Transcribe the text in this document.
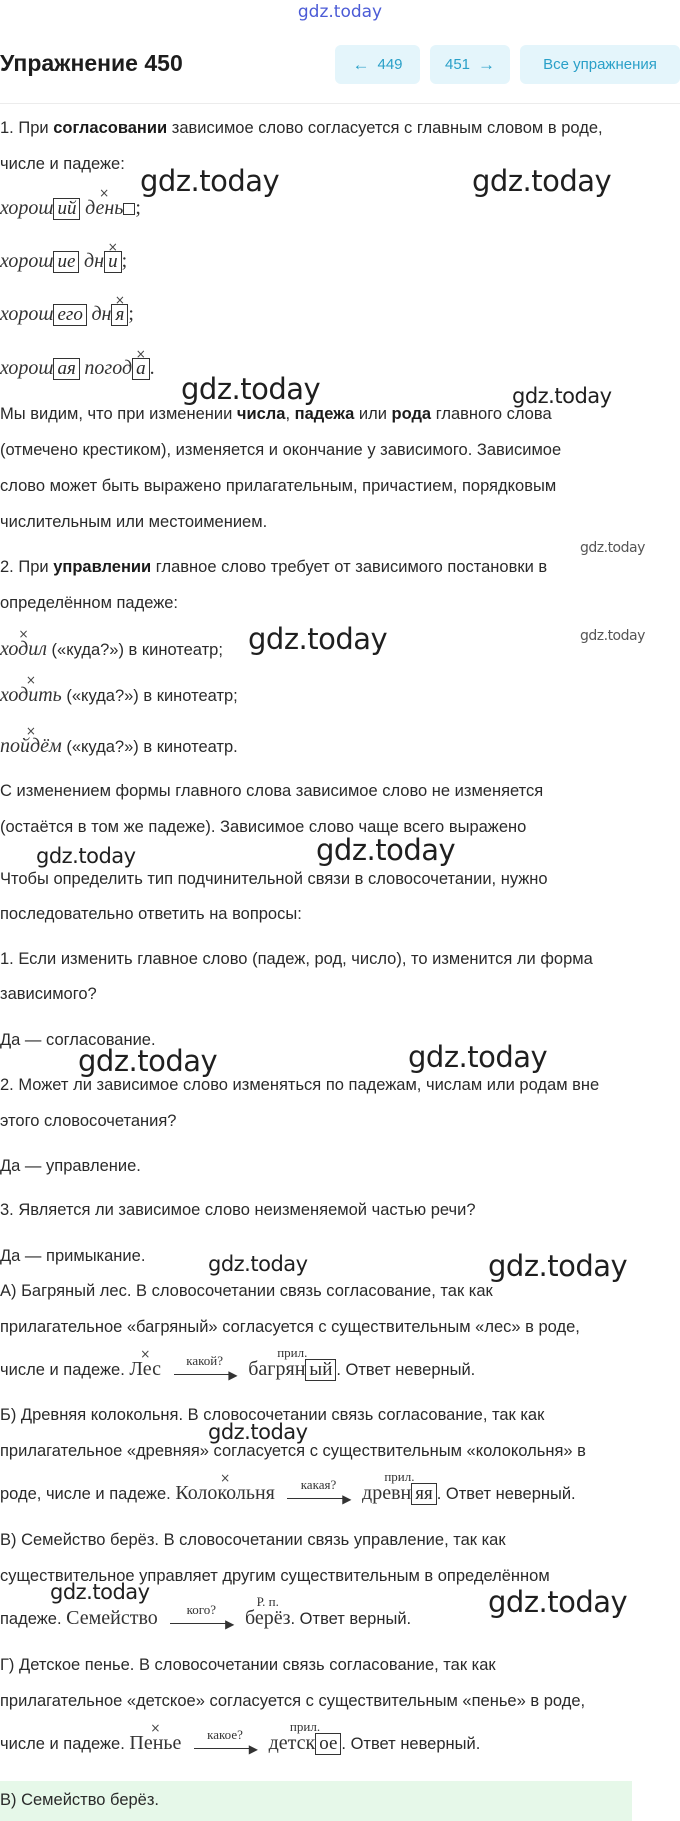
gdz.today
Упражнение 450	← 449	451 →	Все упражнения
1. При согласовании зависимое слово согласуется с главным словом в роде,
числе и падеже:
хорош ий × день ;
хорош ие дн × и ;
хорош его дн × я ;
хорош ая погод × а .
Мы видим, что при изменении числа, падежа или рода главного слова
(отмечено крестиком), изменяется и окончание у зависимого. Зависимое
слово может быть выражено прилагательным, причастием, порядковым
числительным или местоимением.
2. При управлении главное слово требует от зависимого постановки в
определённом падеже:
× ходил («куда?») в кинотеатр;
× ходить («куда?») в кинотеатр;
× пойдём («куда?») в кинотеатр.
С изменением формы главного слова зависимое слово не изменяется
(остаётся в том же падеже). Зависимое слово чаще всего выражено
Чтобы определить тип подчинительной связи в словосочетании, нужно
последовательно ответить на вопросы:
1. Если изменить главное слово (падеж, род, число), то изменится ли форма
зависимого?
Да — согласование.
2. Может ли зависимое слово изменяться по падежам, числам или родам вне
этого словосочетания?
Да — управление.
3. Является ли зависимое слово неизменяемой частью речи?
Да — примыкание.
А) Багряный лес. В словосочетании связь согласование, так как
прилагательное «багряный» согласуется с существительным «лес» в роде,
числе и падеже. × Лес	какой?
▶

прил.
багрян ый . Ответ неверный.
Б) Древняя колокольня. В словосочетании связь согласование, так как
прилагательное «древняя» согласуется с существительным «колокольня» в
роде, числе и падеже. × Колокольня	какая?
▶

прил.
древн яя . Ответ неверный.
В) Семейство берёз. В словосочетании связь управление, так как
существительное управляет другим существительным в определённом
падеже. Семейство	кого?
▶

Р. п.
берёз. Ответ верный.
Г) Детское пенье. В словосочетании связь согласование, так как
прилагательное «детское» согласуется с существительным «пенье» в роде,
числе и падеже. × Пенье	какое?
▶

прил.
детск ое . Ответ неверный.
В) Семейство берёз.
gdz.today	gdz.today
gdz.today	gdz.today
gdz.today
gdz.today	gdz.today
gdz.today	gdz.today
gdz.today	gdz.today
gdz.today	gdz.today
gdz.today
gdz.today	gdz.today
